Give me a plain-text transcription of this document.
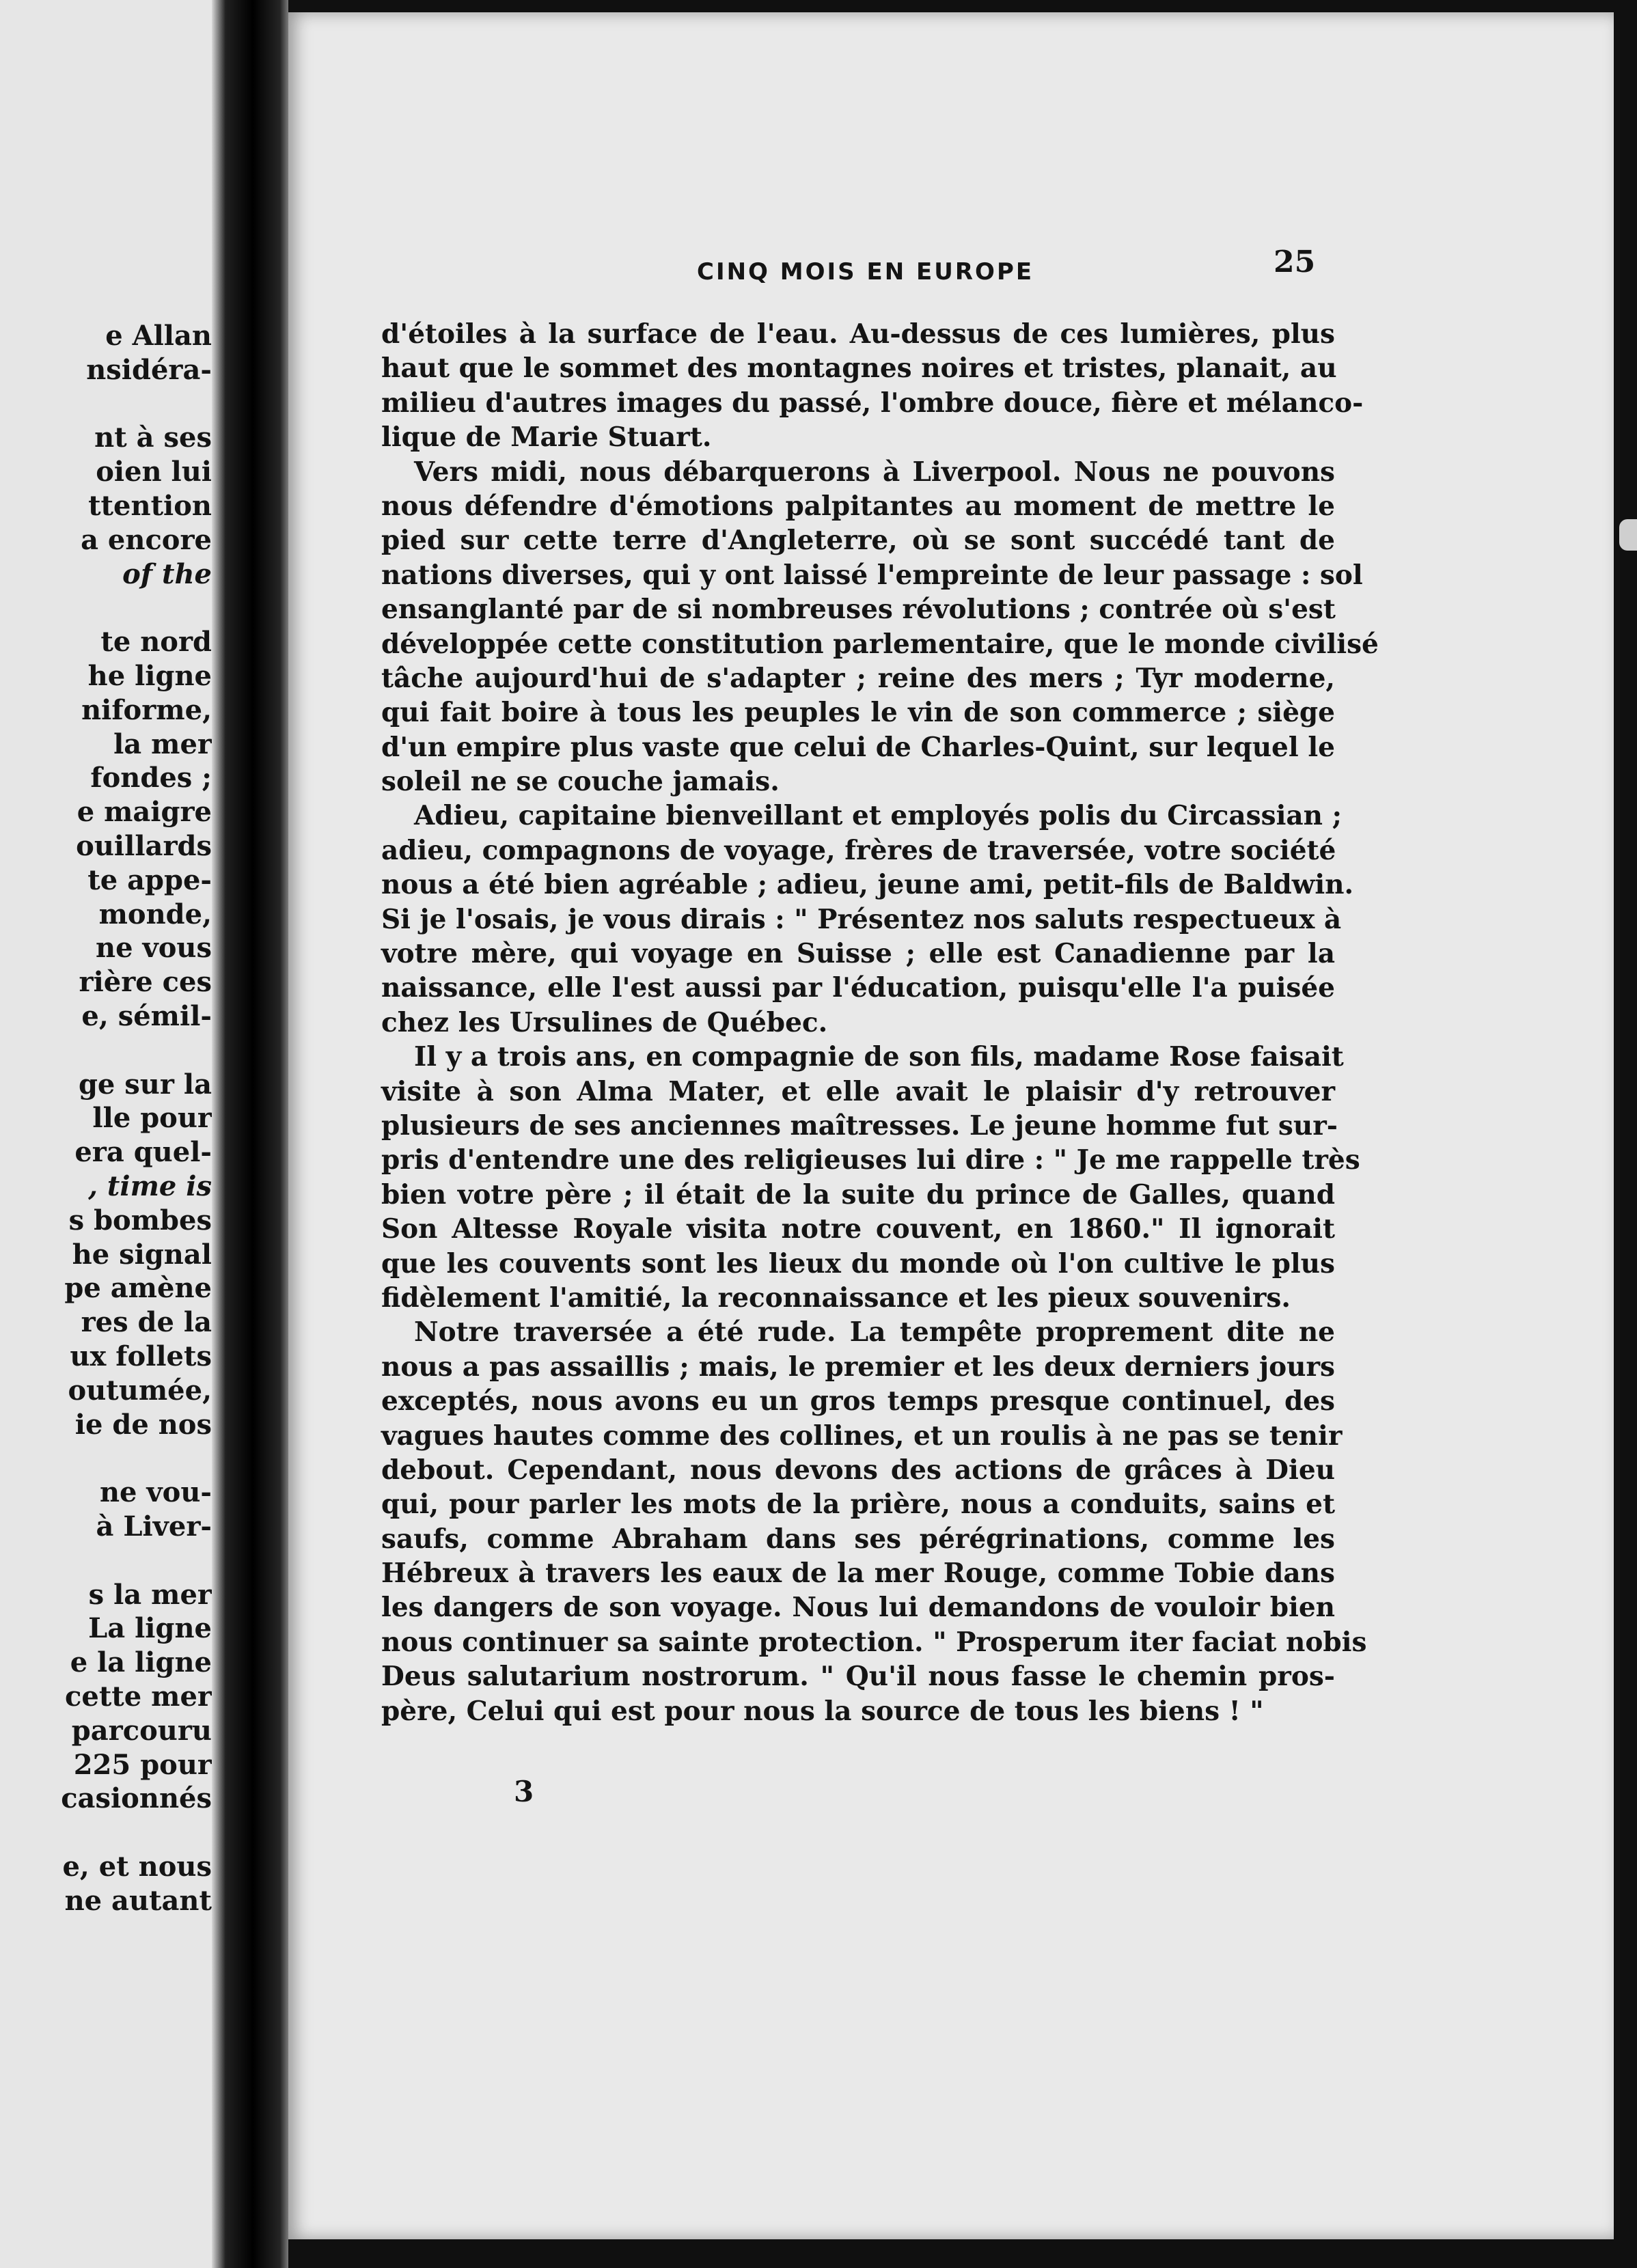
e Allan
nsidéra-
nt à ses
oien lui
ttention
a encore
of the
te nord
he ligne
niforme,
la mer
fondes ;
e maigre
ouillards
te appe-
monde,
ne vous
rière ces
e, sémil-
ge sur la
lle pour
era quel-
, time is
s bombes
he signal
pe amène
res de la
ux follets
outumée,
ie de nos
ne vou-
à Liver-
s la mer
La ligne
e la ligne
cette mer
parcouru
225 pour
casionnés
e, et nous
ne autant
CINQ MOIS EN EUROPE	25
d'étoiles à la surface de l'eau. Au-dessus de ces lumières, plus
haut que le sommet des montagnes noires et tristes, planait, au
milieu d'autres images du passé, l'ombre douce, fière et mélanco-
lique de Marie Stuart.
Vers midi, nous débarquerons à Liverpool. Nous ne pouvons
nous défendre d'émotions palpitantes au moment de mettre le
pied sur cette terre d'Angleterre, où se sont succédé tant de
nations diverses, qui y ont laissé l'empreinte de leur passage : sol
ensanglanté par de si nombreuses révolutions ; contrée où s'est
développée cette constitution parlementaire, que le monde civilisé
tâche aujourd'hui de s'adapter ; reine des mers ; Tyr moderne,
qui fait boire à tous les peuples le vin de son commerce ; siège
d'un empire plus vaste que celui de Charles-Quint, sur lequel le
soleil ne se couche jamais.
Adieu, capitaine bienveillant et employés polis du Circassian ;
adieu, compagnons de voyage, frères de traversée, votre société
nous a été bien agréable ; adieu, jeune ami, petit-fils de Baldwin.
Si je l'osais, je vous dirais : " Présentez nos saluts respectueux à
votre mère, qui voyage en Suisse ; elle est Canadienne par la
naissance, elle l'est aussi par l'éducation, puisqu'elle l'a puisée
chez les Ursulines de Québec.
Il y a trois ans, en compagnie de son fils, madame Rose faisait
visite à son Alma Mater, et elle avait le plaisir d'y retrouver
plusieurs de ses anciennes maîtresses. Le jeune homme fut sur-
pris d'entendre une des religieuses lui dire : " Je me rappelle très
bien votre père ; il était de la suite du prince de Galles, quand
Son Altesse Royale visita notre couvent, en 1860." Il ignorait
que les couvents sont les lieux du monde où l'on cultive le plus
fidèlement l'amitié, la reconnaissance et les pieux souvenirs.
Notre traversée a été rude. La tempête proprement dite ne
nous a pas assaillis ; mais, le premier et les deux derniers jours
exceptés, nous avons eu un gros temps presque continuel, des
vagues hautes comme des collines, et un roulis à ne pas se tenir
debout. Cependant, nous devons des actions de grâces à Dieu
qui, pour parler les mots de la prière, nous a conduits, sains et
saufs, comme Abraham dans ses pérégrinations, comme les
Hébreux à travers les eaux de la mer Rouge, comme Tobie dans
les dangers de son voyage. Nous lui demandons de vouloir bien
nous continuer sa sainte protection. " Prosperum iter faciat nobis
Deus salutarium nostrorum. " Qu'il nous fasse le chemin pros-
père, Celui qui est pour nous la source de tous les biens ! "
3
